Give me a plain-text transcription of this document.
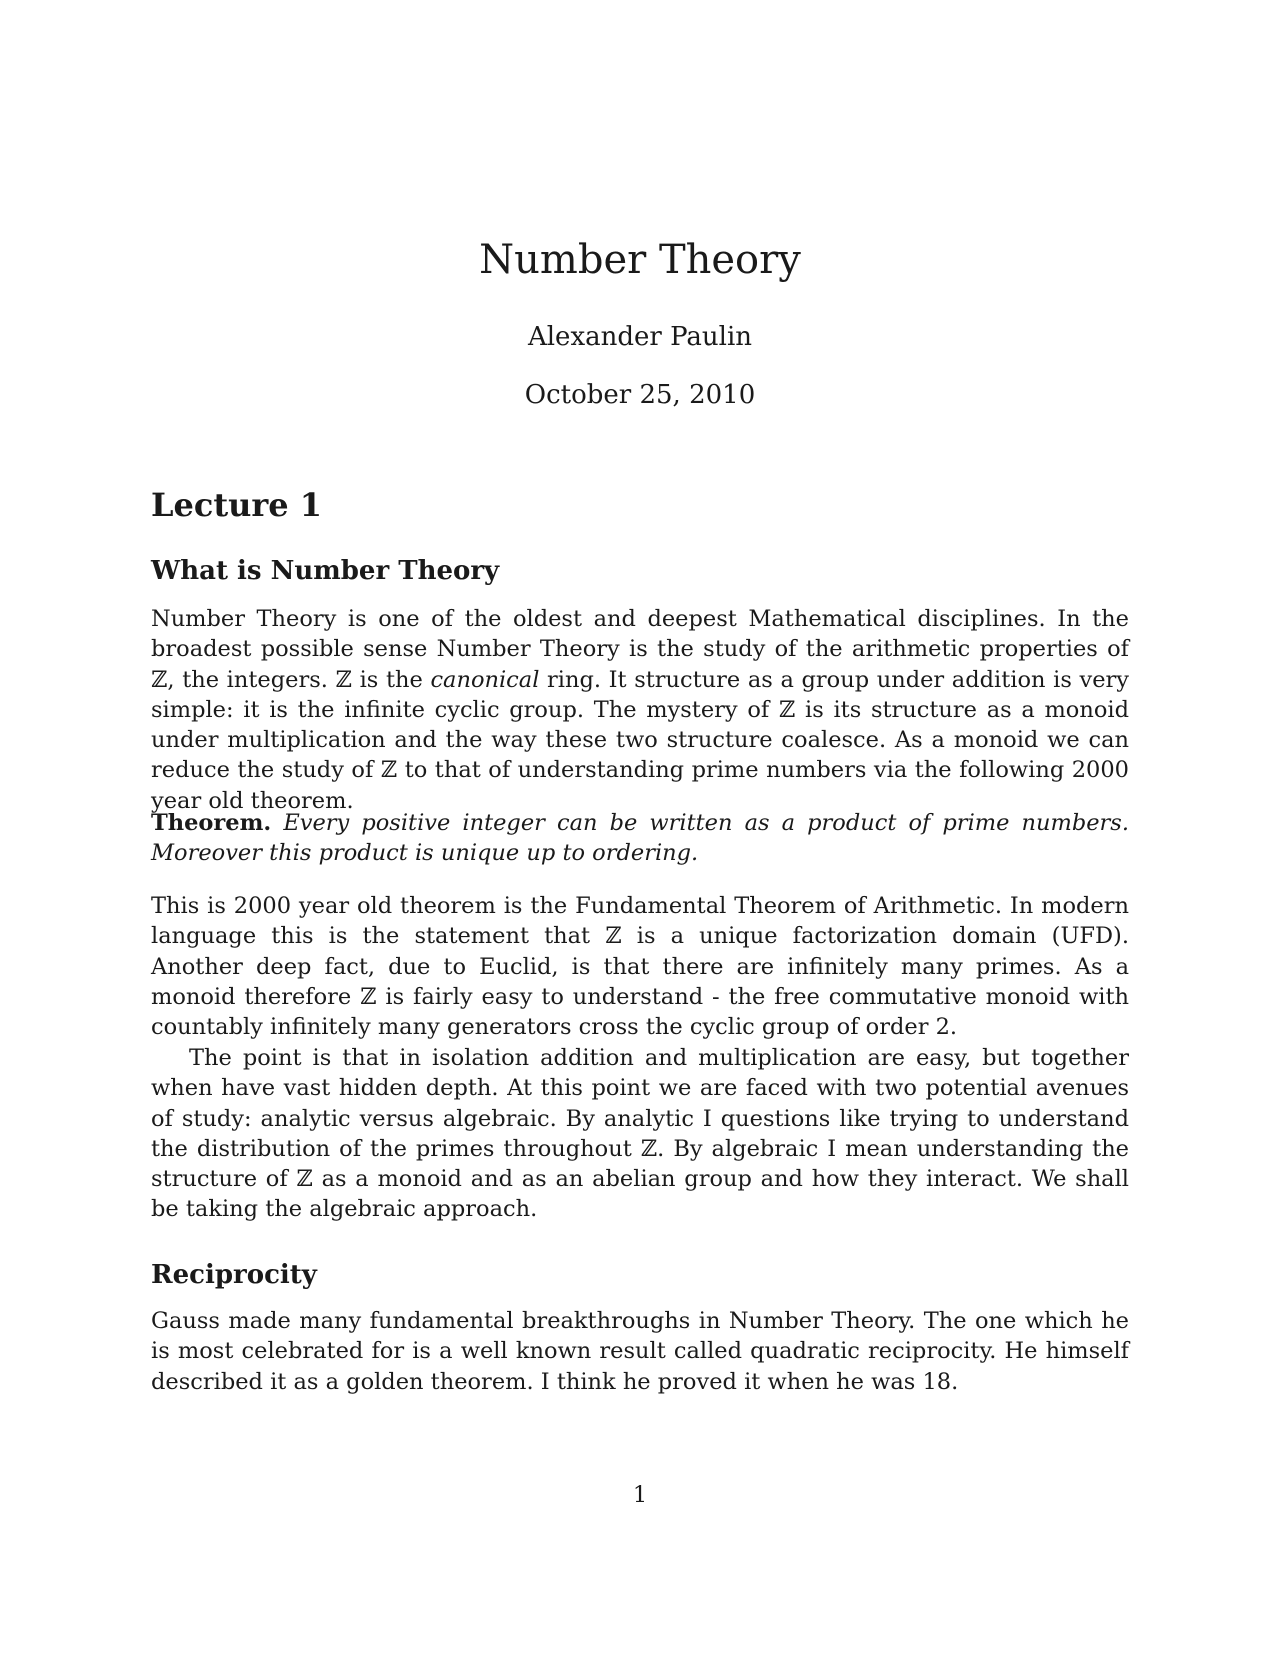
Number Theory

Alexander Paulin

October 25, 2010

Lecture 1
What is Number Theory

Number Theory is one of the oldest and deepest Mathematical disciplines. In the broadest possible sense Number Theory is the study of the arithmetic properties of ℤ, the integers. ℤ is the canonical ring. It structure as a group under addition is very simple: it is the infinite cyclic group. The mystery of ℤ is its structure as a monoid under multiplication and the way these two structure coalesce. As a monoid we can reduce the study of ℤ to that of understanding prime numbers via the following 2000 year old theorem.

Theorem. Every positive integer can be written as a product of prime numbers. Moreover this product is unique up to ordering.

This is 2000 year old theorem is the Fundamental Theorem of Arithmetic. In modern language this is the statement that ℤ is a unique factorization domain (UFD). Another deep fact, due to Euclid, is that there are infinitely many primes. As a monoid therefore ℤ is fairly easy to understand - the free commutative monoid with countably infinitely many generators cross the cyclic group of order 2.

The point is that in isolation addition and multiplication are easy, but together when have vast hidden depth. At this point we are faced with two potential avenues of study: analytic versus algebraic. By analytic I questions like trying to understand the distribution of the primes throughout ℤ. By algebraic I mean understanding the structure of ℤ as a monoid and as an abelian group and how they interact. We shall be taking the algebraic approach.

Reciprocity

Gauss made many fundamental breakthroughs in Number Theory. The one which he is most celebrated for is a well known result called quadratic reciprocity. He himself described it as a golden theorem. I think he proved it when he was 18.

1
